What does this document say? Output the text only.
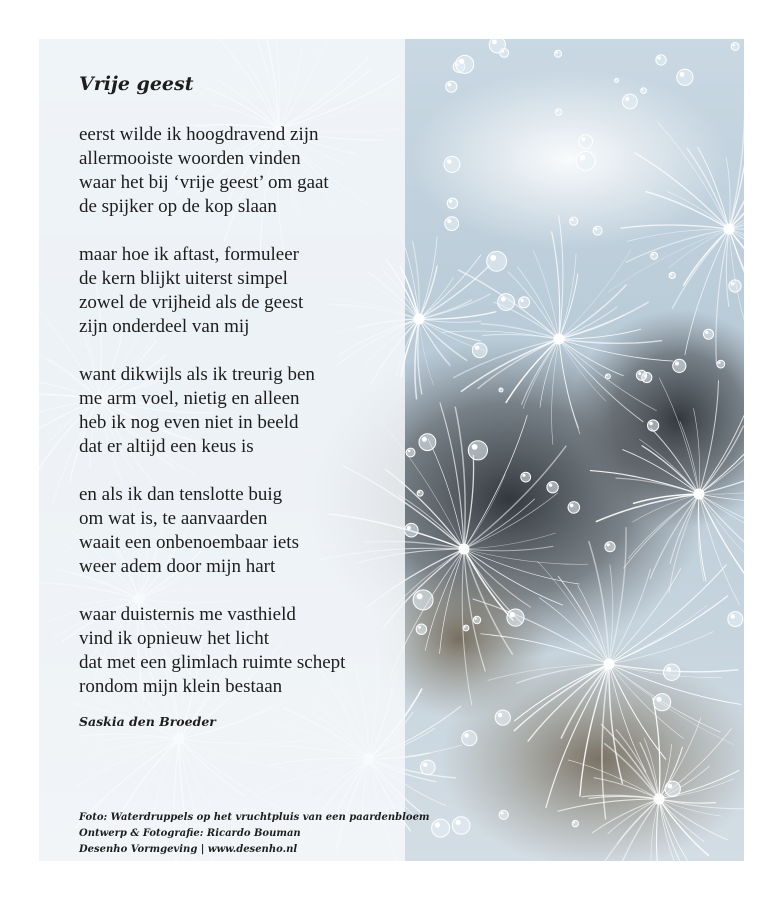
Vrije geest
eerst wilde ik hoogdravend zijn
allermooiste woorden vinden
waar het bij ‘vrije geest’ om gaat
de spijker op de kop slaan
maar hoe ik aftast, formuleer
de kern blijkt uiterst simpel
zowel de vrijheid als de geest
zijn onderdeel van mij
want dikwijls als ik treurig ben
me arm voel, nietig en alleen
heb ik nog even niet in beeld
dat er altijd een keus is
en als ik dan tenslotte buig
om wat is, te aanvaarden
waait een onbenoembaar iets
weer adem door mijn hart
waar duisternis me vasthield
vind ik opnieuw het licht
dat met een glimlach ruimte schept
rondom mijn klein bestaan
Saskia den Broeder
Foto: Waterdruppels op het vruchtpluis van een paardenbloem
Ontwerp & Fotografie: Ricardo Bouman
Desenho Vormgeving | www.desenho.nl
